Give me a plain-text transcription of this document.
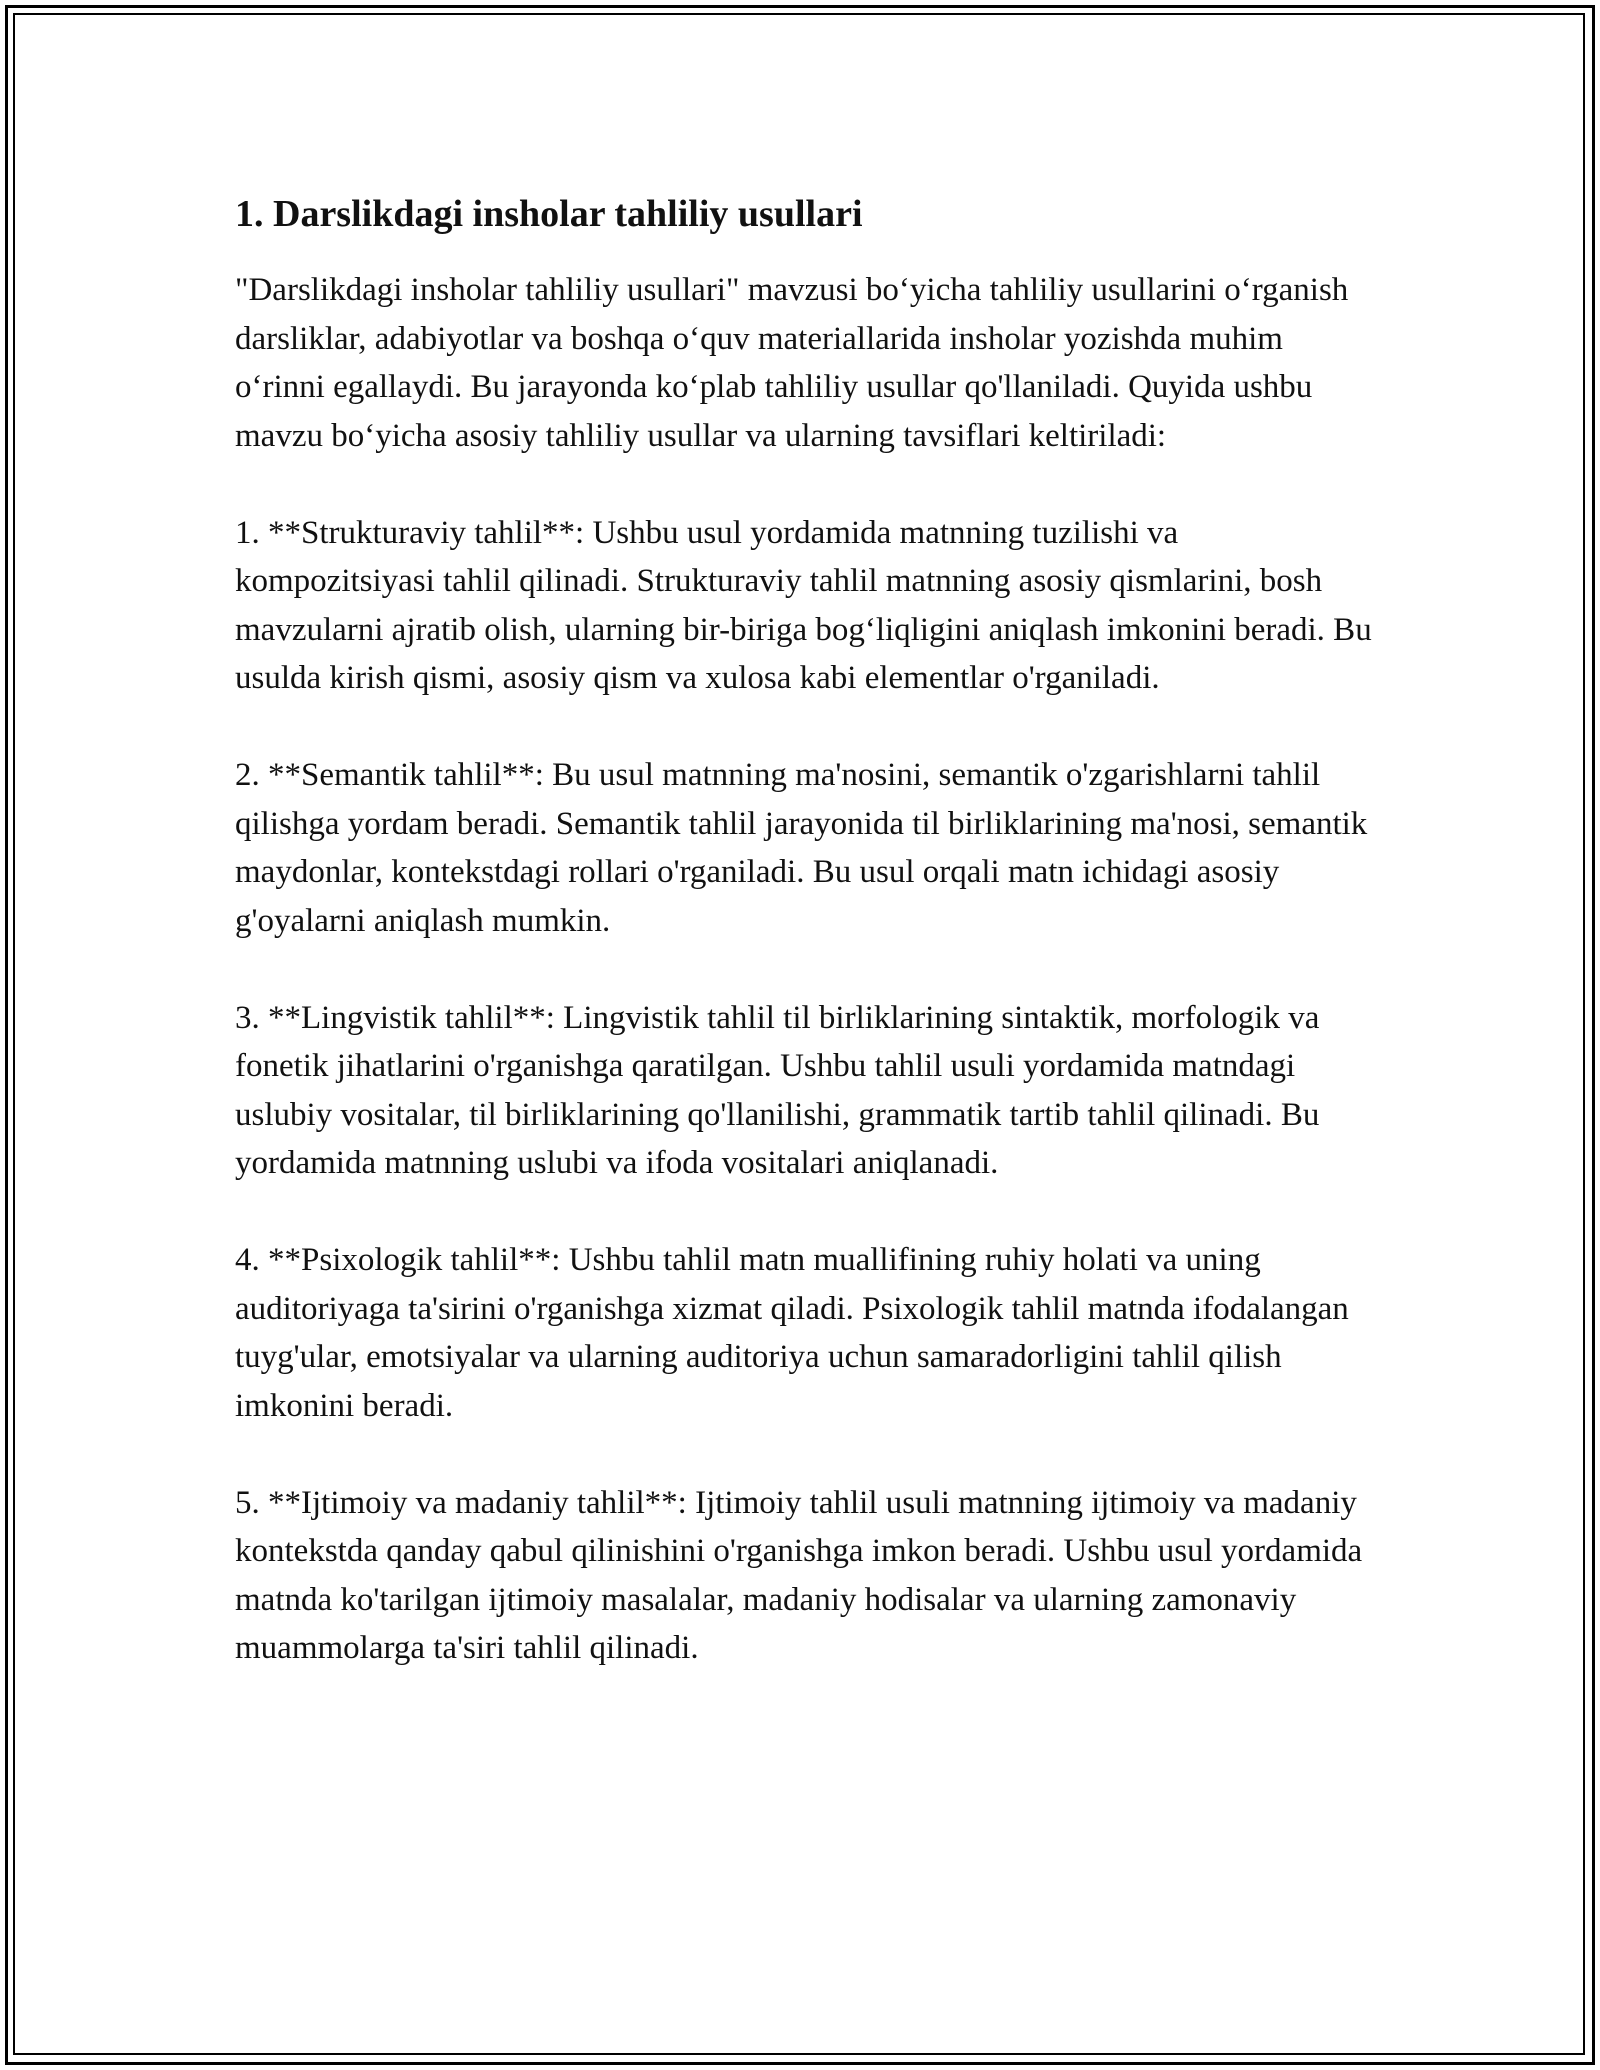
1. Darslikdagi insholar tahliliy usullari

"Darslikdagi insholar tahliliy usullari" mavzusi boʻyicha tahliliy usullarini oʻrganish darsliklar, adabiyotlar va boshqa oʻquv materiallarida insholar yozishda muhim oʻrinni egallaydi. Bu jarayonda koʻplab tahliliy usullar qo'llaniladi. Quyida ushbu mavzu boʻyicha asosiy tahliliy usullar va ularning tavsiflari keltiriladi:

1. **Strukturaviy tahlil**: Ushbu usul yordamida matnning tuzilishi va kompozitsiyasi tahlil qilinadi. Strukturaviy tahlil matnning asosiy qismlarini, bosh mavzularni ajratib olish, ularning bir-biriga bogʻliqligini aniqlash imkonini beradi. Bu usulda kirish qismi, asosiy qism va xulosa kabi elementlar o'rganiladi.

2. **Semantik tahlil**: Bu usul matnning ma'nosini, semantik o'zgarishlarni tahlil qilishga yordam beradi. Semantik tahlil jarayonida til birliklarining ma'nosi, semantik maydonlar, kontekstdagi rollari o'rganiladi. Bu usul orqali matn ichidagi asosiy g'oyalarni aniqlash mumkin.

3. **Lingvistik tahlil**: Lingvistik tahlil til birliklarining sintaktik, morfologik va fonetik jihatlarini o'rganishga qaratilgan. Ushbu tahlil usuli yordamida matndagi uslubiy vositalar, til birliklarining qo'llanilishi, grammatik tartib tahlil qilinadi. Bu yordamida matnning uslubi va ifoda vositalari aniqlanadi.

4. **Psixologik tahlil**: Ushbu tahlil matn muallifining ruhiy holati va uning auditoriyaga ta'sirini o'rganishga xizmat qiladi. Psixologik tahlil matnda ifodalangan tuyg'ular, emotsiyalar va ularning auditoriya uchun samaradorligini tahlil qilish imkonini beradi.

5. **Ijtimoiy va madaniy tahlil**: Ijtimoiy tahlil usuli matnning ijtimoiy va madaniy kontekstda qanday qabul qilinishini o'rganishga imkon beradi. Ushbu usul yordamida matnda ko'tarilgan ijtimoiy masalalar, madaniy hodisalar va ularning zamonaviy muammolarga ta'siri tahlil qilinadi.
